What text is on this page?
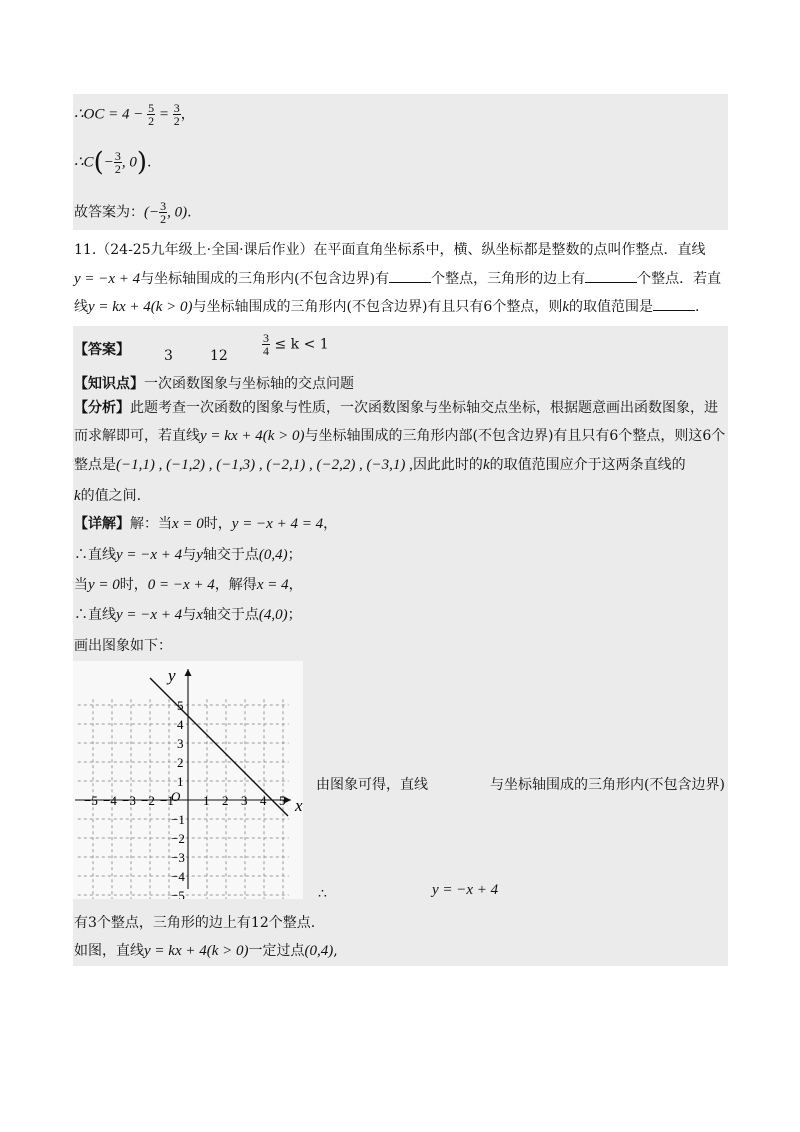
∴OC = $4 - \frac{5}{2} = \frac{3}{2}$ ，
∴C(− $\frac{3}{2}$ , 0).
故答案为：(− $\frac{3}{2}$ , 0).
11.（24-25九年级上·全国·课后作业）在平面直角坐标系中，横、纵坐标都是整数的点叫作整点．直线
y = −x + 4与坐标轴围成的三角形内(不包含边界)有	个整点，三角形的边上有	个整点．若直
线y = kx + 4(k > 0)与坐标轴围成的三角形内(不包含边界)有且只有6个整点，则k的取值范围是	.
【答案】 3	12	$\frac{3}{4} \le k < 1$
【知识点】一次函数图象与坐标轴的交点问题
【分析】此题考查一次函数的图象与性质，一次函数图象与坐标轴交点坐标，根据题意画出函数图象，进
而求解即可，若直线y = kx + 4(k > 0)与坐标轴围成的三角形内部(不包含边界)有且只有6个整点，则这6个
整点是(−1,1) , (−1,2) , (−1,3) , (−2,1) , (−2,2) , (−3,1) ,因此此时的k的取值范围应介于这两条直线的
k的值之间.
【详解】解：当x = 0时，y = −x + 4 = 4，
∴直线y = −x + 4与y轴交于点(0,4)；
当y = 0时，0 = −x + 4，解得x = 4，
∴直线y = −x + 4与x轴交于点(4,0)；
画出图象如下：
x
y
O
−5 −4 −3 −2 −1 1 2 3 4 5
5
4
3
2
1
−1
−2
−3
−4
−5
由图象可得，直线	与坐标轴围成的三角形内(不包含边界)
∴	y = −x + 4
有3个整点，三角形的边上有12个整点.
如图，直线y = kx + 4(k > 0)一定过点(0,4),
